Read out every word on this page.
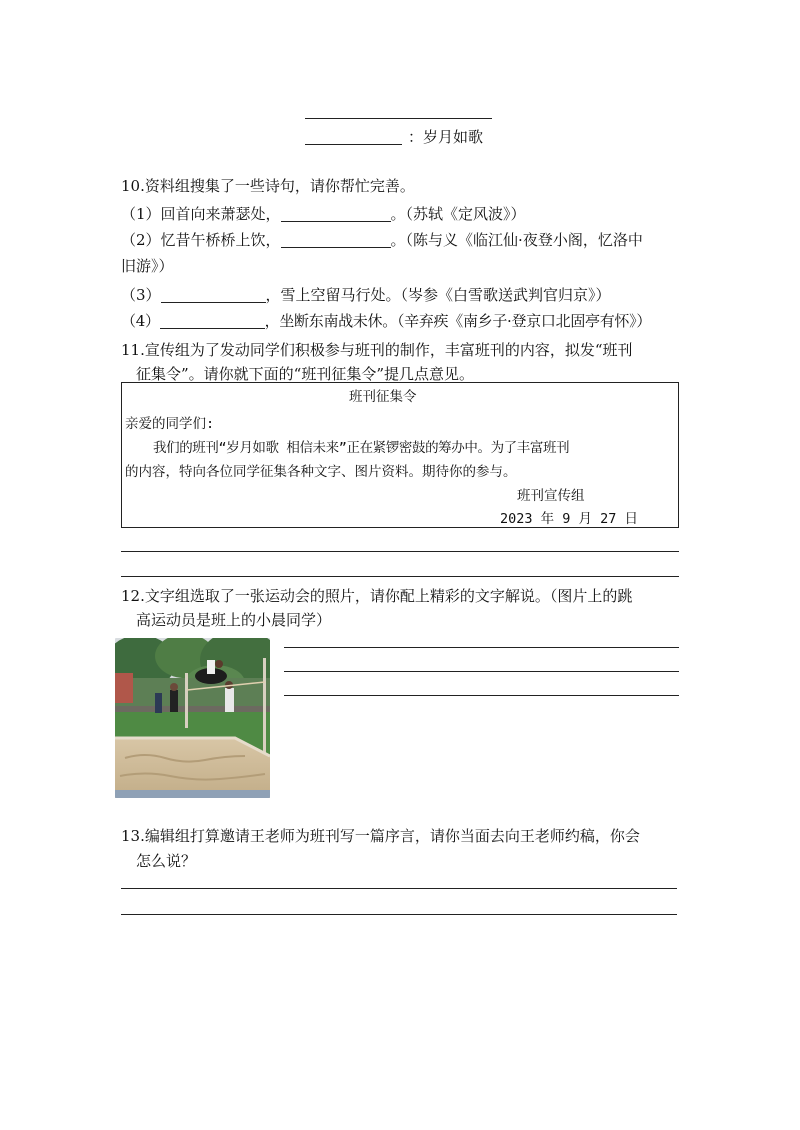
：岁月如歌
10.资料组搜集了一些诗句，请你帮忙完善。
（1）回首向来萧瑟处，	。（苏轼《定风波》）
（2）忆昔午桥桥上饮，	。（陈与义《临江仙·夜登小阁，忆洛中
旧游》）
（3）	，雪上空留马行处。（岑参《白雪歌送武判官归京》）
（4）	，坐断东南战未休。（辛弃疾《南乡子·登京口北固亭有怀》）
11.宣传组为了发动同学们积极参与班刊的制作，丰富班刊的内容，拟发“班刊
征集令”。请你就下面的“班刊征集令”提几点意见。
班刊征集令
亲爱的同学们:
我们的班刊“岁月如歌 相信未来”正在紧锣密鼓的筹办中。为了丰富班刊
的内容，特向各位同学征集各种文字、图片资料。期待你的参与。
班刊宣传组
2023 年 9 月 27 日
12.文字组选取了一张运动会的照片，请你配上精彩的文字解说。（图片上的跳
高运动员是班上的小晨同学）
13.编辑组打算邀请王老师为班刊写一篇序言，请你当面去向王老师约稿，你会
怎么说？
